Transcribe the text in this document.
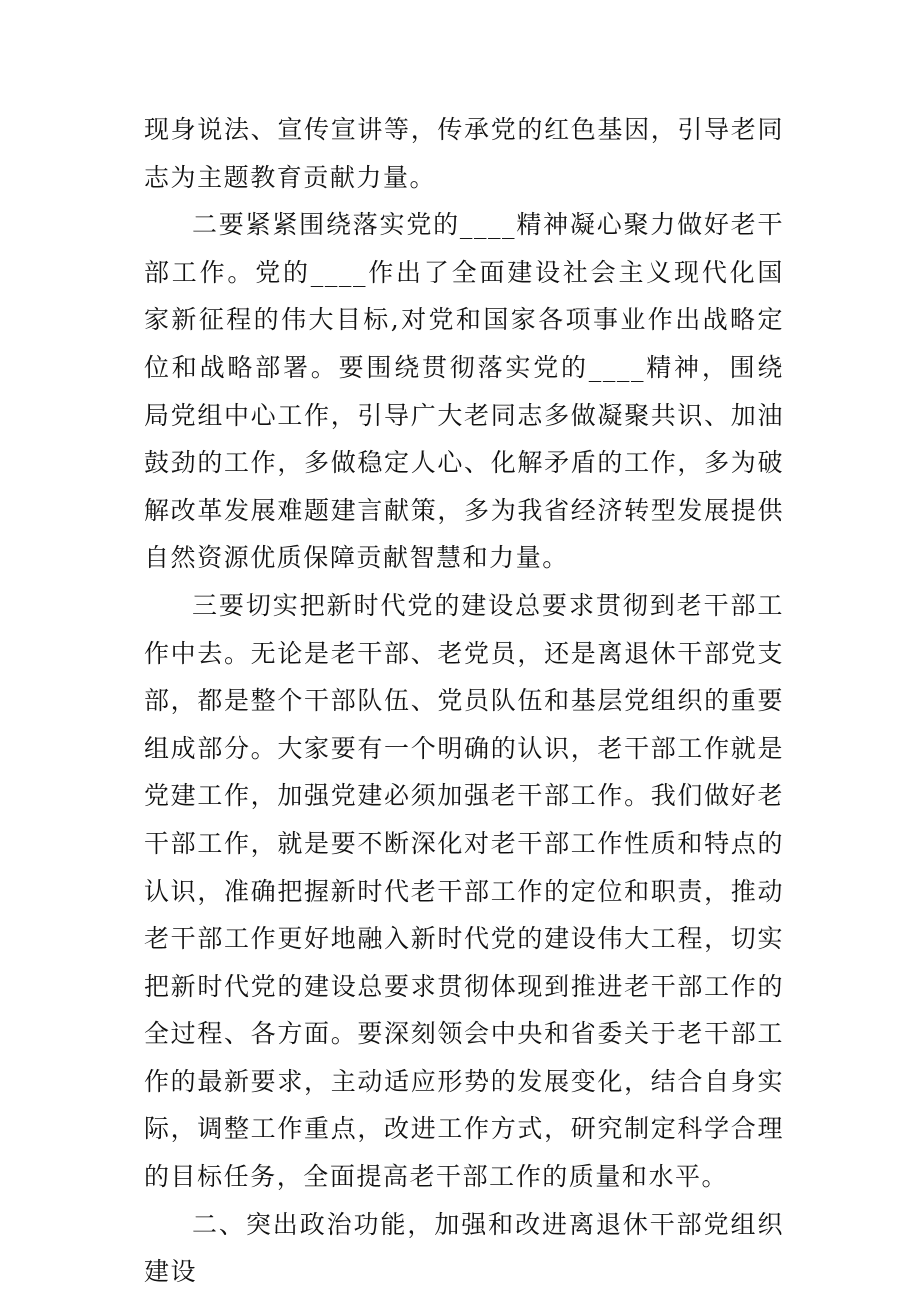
现身说法、宣传宣讲等，传承党的红色基因，引导老同志为主题教育贡献力量。

二要紧紧围绕落实党的____精神凝心聚力做好老干部工作。党的____作出了全面建设社会主义现代化国家新征程的伟大目标,对党和国家各项事业作出战略定位和战略部署。要围绕贯彻落实党的____精神，围绕局党组中心工作，引导广大老同志多做凝聚共识、加油鼓劲的工作，多做稳定人心、化解矛盾的工作，多为破解改革发展难题建言献策，多为我省经济转型发展提供自然资源优质保障贡献智慧和力量。

三要切实把新时代党的建设总要求贯彻到老干部工作中去。无论是老干部、老党员，还是离退休干部党支部，都是整个干部队伍、党员队伍和基层党组织的重要组成部分。大家要有一个明确的认识，老干部工作就是党建工作，加强党建必须加强老干部工作。我们做好老干部工作，就是要不断深化对老干部工作性质和特点的认识，准确把握新时代老干部工作的定位和职责，推动老干部工作更好地融入新时代党的建设伟大工程，切实把新时代党的建设总要求贯彻体现到推进老干部工作的全过程、各方面。要深刻领会中央和省委关于老干部工作的最新要求，主动适应形势的发展变化，结合自身实际，调整工作重点，改进工作方式，研究制定科学合理的目标任务，全面提高老干部工作的质量和水平。

二、突出政治功能，加强和改进离退休干部党组织建设
